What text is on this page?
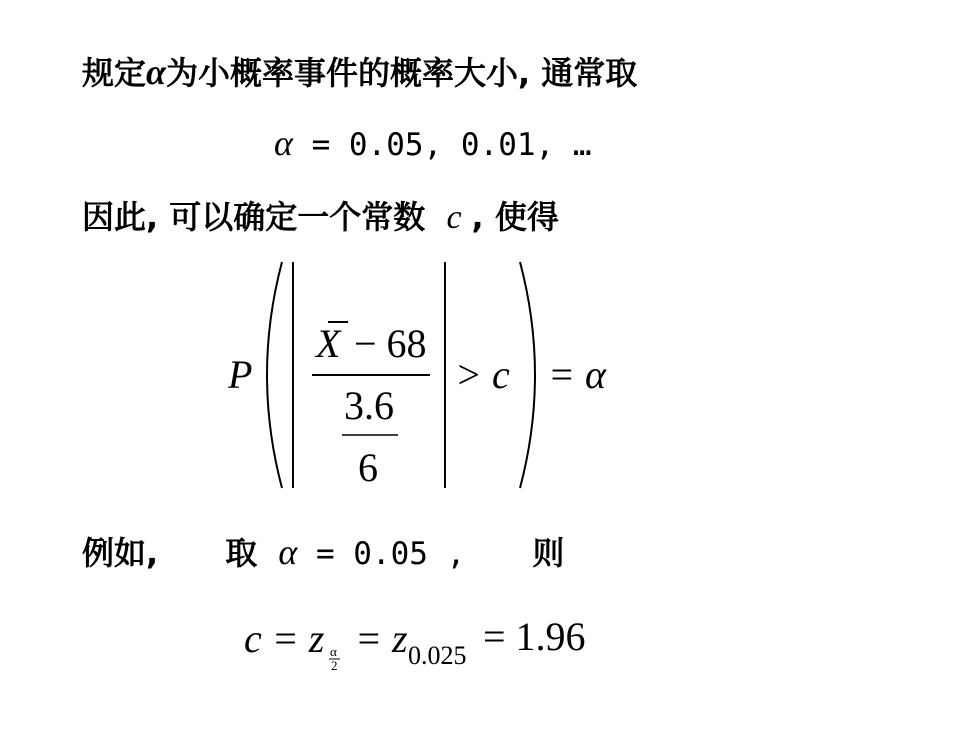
规定α为小概率事件的概率大小, 通常取
α = 0.05, 0.01, …
因此, 可以确定一个常数 c , 使得
P
X − 68
3.6
6
> c = α
例如, 取 α = 0.05 , 则
c = z α
2
= z 0.025 = 1.96
